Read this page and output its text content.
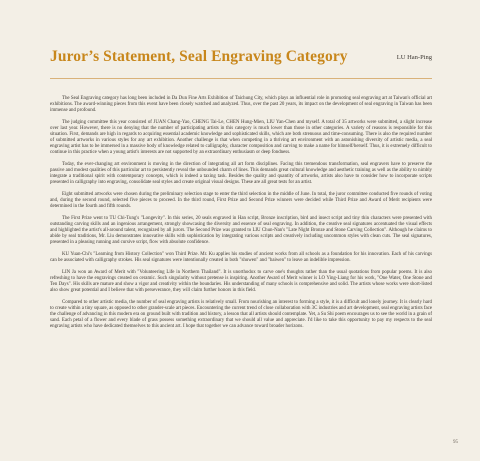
Juror’s Statement, Seal Engraving Category	LU Han-Ping

The Seal Engraving category has long been included in Da Dun Fine Arts Exhibition of Taichung City, which plays an influential role in promoting seal engraving art at Taiwan's official art exhibitions. The award-winning pieces from this event have been closely watched and analyzed. Thus, over the past 20 years, its impact on the development of seal engraving in Taiwan has been immense and profound.

The judging committee this year consisted of JUAN Chang-Yao, CHENG Tai-Le, CHEN Hung-Mien, LIU Yan-Chen and myself. A total of 35 artworks were submitted, a slight increase over last year. However, there is no denying that the number of participating artists in this category is much lower than those in other categories. A variety of reasons is responsible for this situation. First, demands are high in regards to acquiring essential academic knowledge and sophisticated skills, which are both strenuous and time-consuming. There is also the required number of submitted artworks in various styles for any art exhibition. Another challenge is that when competing in a thriving art environment with an astonishing diversity of artistic media, a seal engraving artist has to be immersed in a massive body of knowledge related to calligraphy, character composition and carving to make a name for himself/herself. Thus, it is extremely difficult to continue in this practice when a young artist's interests are not supported by an extraordinary enthusiasm or deep fondness.

Today, the ever-changing art environment is moving in the direction of integrating all art form disciplines. Facing this tremendous transformation, seal engravers have to preserve the passive and modest qualities of this particular art to persistently reveal the unbounded charm of lines. This demands great cultural knowledge and aesthetic training as well as the ability to nimbly integrate a traditional spirit with contemporary concepts, which is indeed a taxing task. Besides the quality and quantity of artworks, artists also have to consider how to incorporate scripts presented in calligraphy into engraving, consolidate seal styles and create original visual designs. These are all great tests for an artist.

Eight submitted artworks were chosen during the preliminary selection stage to enter the third selection in the middle of June. In total, the juror committee conducted five rounds of voting and, during the second round, selected five pieces to proceed. In the third round, First Prize and Second Prize winners were decided while Third Prize and Award of Merit recipients were determined in the fourth and fifth rounds.

The First Prize went to TU Chi-Tung's "Longevity". In this series, 20 seals engraved in Han script, Bronze inscription, bird and insect script and tiny thin characters were presented with outstanding carving skills and an ingenious arrangement, strongly showcasing the diversity and essence of seal engraving. In addition, the creative seal signatures accentuated the visual effects and highlighted the artist's all-around talent, recognized by all jurors. The Second Prize was granted to LIU Chun-Nan's "Late Night Bronze and Stone Carving Collection". Although he claims to abide by seal traditions, Mr. Liu demonstrates innovative skills with sophistication by integrating various scripts and creatively including uncommon styles with clean cuts. The seal signatures, presented in a pleasing running and cursive script, flow with absolute confidence.

KU Yuan-Chi's "Learning from History Collection" won Third Prize. Mr. Ku applies his studies of ancient works from all schools as a foundation for his innovation. Each of his carvings can be associated with calligraphy strokes. His seal signatures were intentionally created in both "shuwen" and "baiwen" to leave an indelible impression.

LIN Ja won an Award of Merit with "Volunteering Life in Northern Thailand". It is unorthodox to carve one's thoughts rather than the usual quotations from popular poems. It is also refreshing to have the engravings created on ceramic. Such singularity without pretense is inspiring. Another Award of Merit winner is LO Ying-Liang for his work, "One Water, One Stone and Ten Days". His skills are mature and show a vigor and creativity within the boundaries. His understanding of many schools is comprehensive and solid. The artists whose works were short-listed also show great potential and I believe that with perseverance, they will claim further honors in this field.

Compared to other artistic media, the number of seal engraving artists is relatively small. From nourishing an interest to forming a style, it is a difficult and lonely journey. It is clearly hard to create within a tiny square, as opposed to other grander-scale art pieces. Encountering the current trend of close collaboration with 3C industries and art development, seal engraving artists face the challenge of advancing in this modern era on ground built with tradition and history, a lesson that all artists should contemplate. Yet, a Su Shi poem encourages us to see the world in a grain of sand. Each petal of a flower and every blade of grass possess something extraordinary that we should all value and appreciate. I'd like to take this opportunity to pay my respects to the seal engraving artists who have dedicated themselves to this ancient art. I hope that together we can advance toward broader horizons.

95
